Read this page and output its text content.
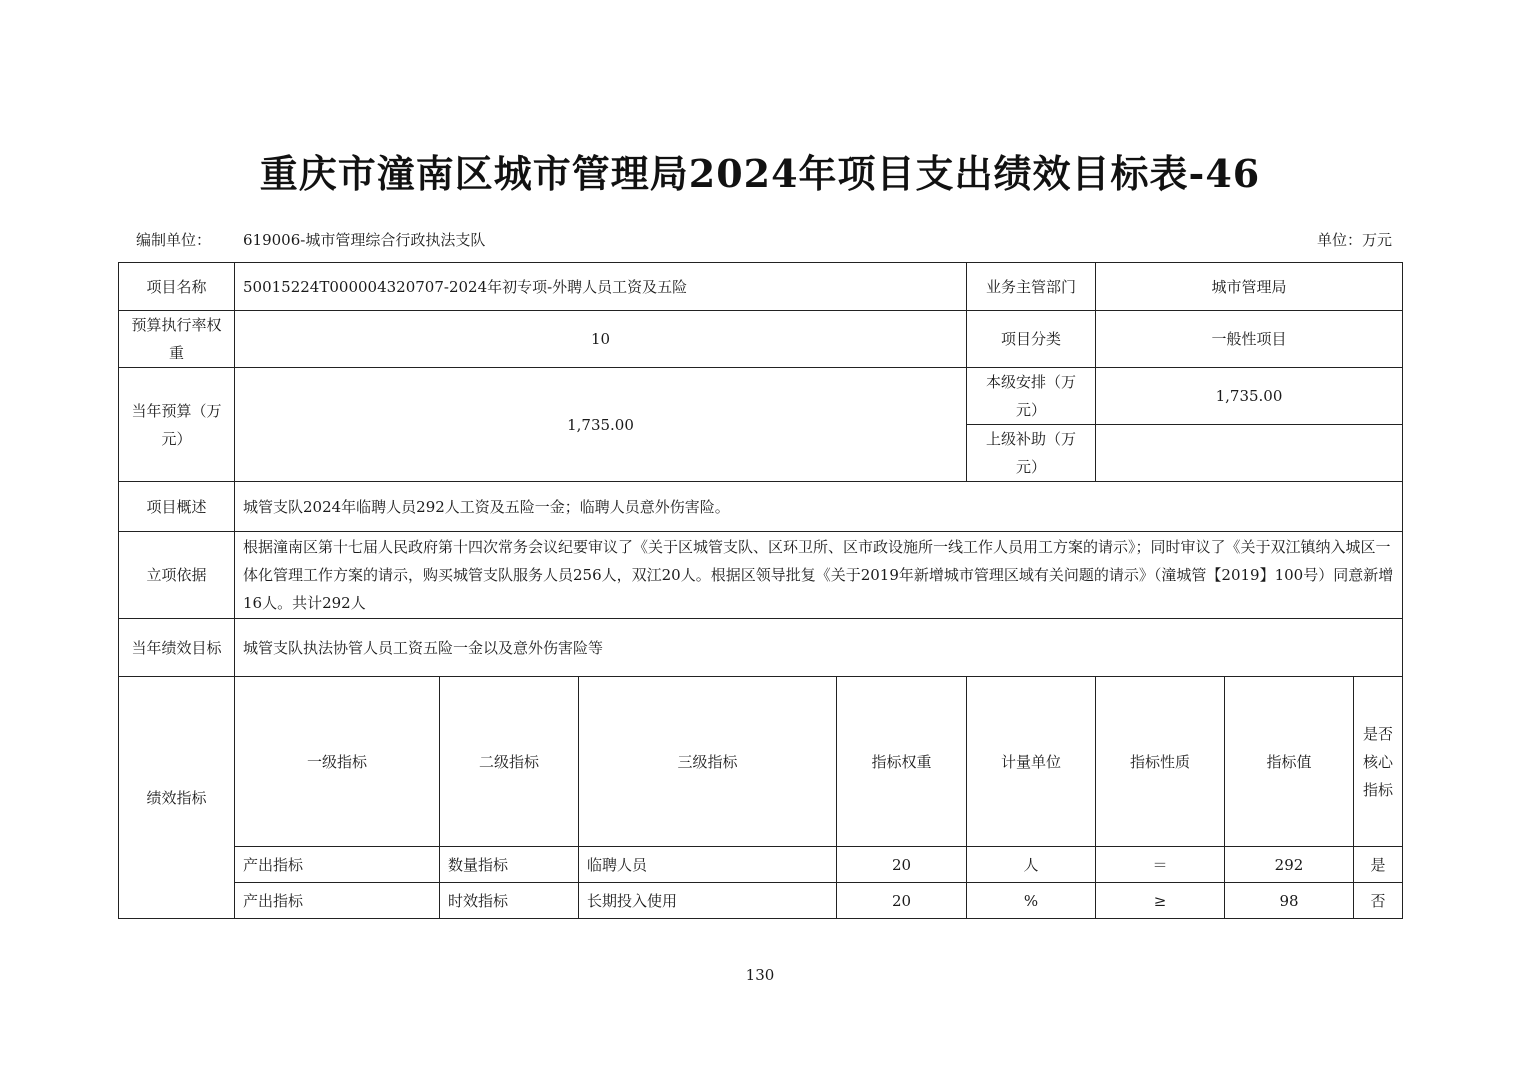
重庆市潼南区城市管理局2024年项目支出绩效目标表-46
编制单位： 619006-城市管理综合行政执法支队	单位：万元
项目名称	50015224T000004320707-2024年初专项-外聘人员工资及五险				业务主管部门	城市管理局		
预算执行率权重	10				项目分类	一般性项目		
当年预算（万元）	1,735.00				本级安排（万元）	1,735.00		
					上级补助（万元）			
项目概述	城管支队2024年临聘人员292人工资及五险一金；临聘人员意外伤害险。							
立项依据	根据潼南区第十七届人民政府第十四次常务会议纪要审议了《关于区城管支队、区环卫所、区市政设施所一线工作人员用工方案的请示》；同时审议了《关于双江镇纳入城区一体化管理工作方案的请示，购买城管支队服务人员256人，双江20人。根据区领导批复《关于2019年新增城市管理区域有关问题的请示》（潼城管【2019】100号）同意新增16人。共计292人							
当年绩效目标	城管支队执法协管人员工资五险一金以及意外伤害险等							
绩效指标	一级指标	二级指标	三级指标	指标权重	计量单位	指标性质	指标值	是否核心指标
	产出指标	数量指标	临聘人员	20	人	＝	292	是
	产出指标	时效指标	长期投入使用	20	%	≥	98	否
130
